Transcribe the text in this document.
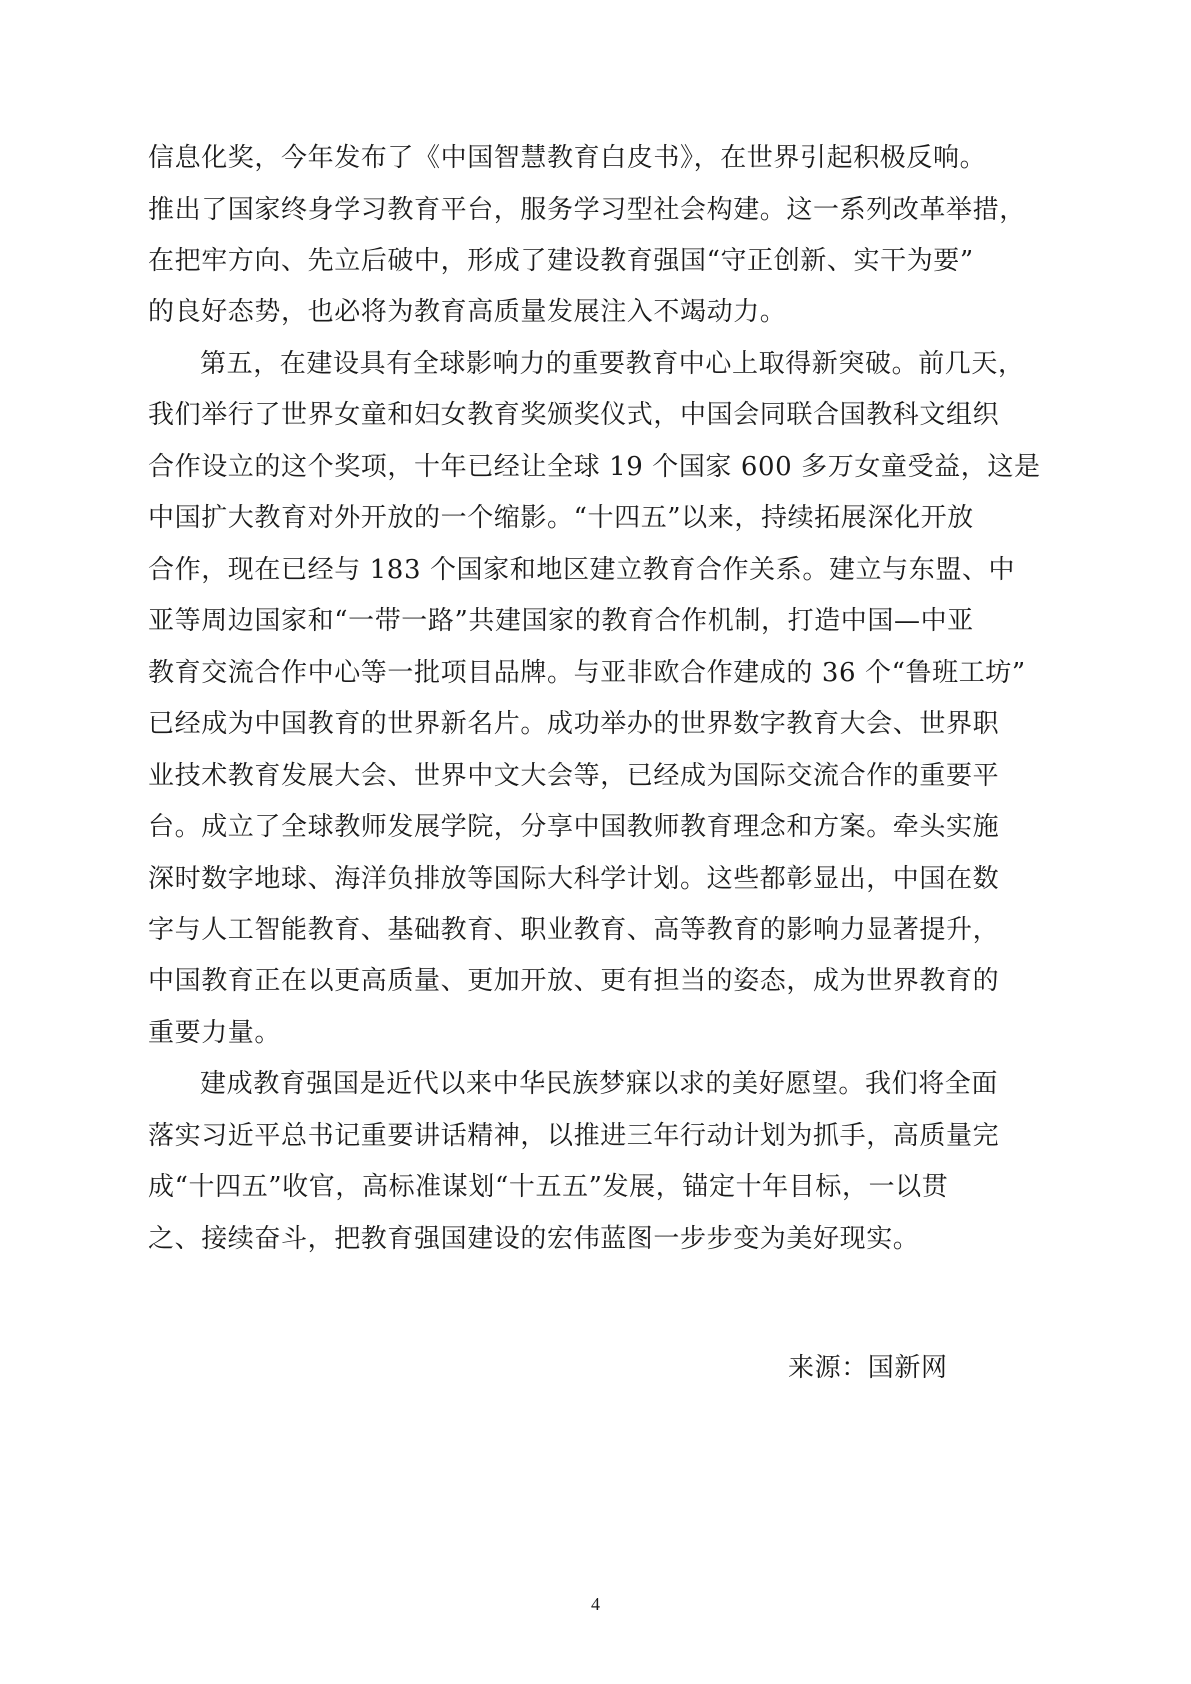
信息化奖，今年发布了《中国智慧教育白皮书》，在世界引起积极反响。
推出了国家终身学习教育平台，服务学习型社会构建。这一系列改革举措，
在把牢方向、先立后破中，形成了建设教育强国“守正创新、实干为要”
的良好态势，也必将为教育高质量发展注入不竭动力。
第五，在建设具有全球影响力的重要教育中心上取得新突破。前几天，
我们举行了世界女童和妇女教育奖颁奖仪式，中国会同联合国教科文组织
合作设立的这个奖项，十年已经让全球 19 个国家 600 多万女童受益，这是
中国扩大教育对外开放的一个缩影。“十四五”以来，持续拓展深化开放
合作，现在已经与 183 个国家和地区建立教育合作关系。建立与东盟、中
亚等周边国家和“一带一路”共建国家的教育合作机制，打造中国—中亚
教育交流合作中心等一批项目品牌。与亚非欧合作建成的 36 个“鲁班工坊”
已经成为中国教育的世界新名片。成功举办的世界数字教育大会、世界职
业技术教育发展大会、世界中文大会等，已经成为国际交流合作的重要平
台。成立了全球教师发展学院，分享中国教师教育理念和方案。牵头实施
深时数字地球、海洋负排放等国际大科学计划。这些都彰显出，中国在数
字与人工智能教育、基础教育、职业教育、高等教育的影响力显著提升，
中国教育正在以更高质量、更加开放、更有担当的姿态，成为世界教育的
重要力量。
建成教育强国是近代以来中华民族梦寐以求的美好愿望。我们将全面
落实习近平总书记重要讲话精神，以推进三年行动计划为抓手，高质量完
成“十四五”收官，高标准谋划“十五五”发展，锚定十年目标，一以贯
之、接续奋斗，把教育强国建设的宏伟蓝图一步步变为美好现实。
来源：国新网
4
